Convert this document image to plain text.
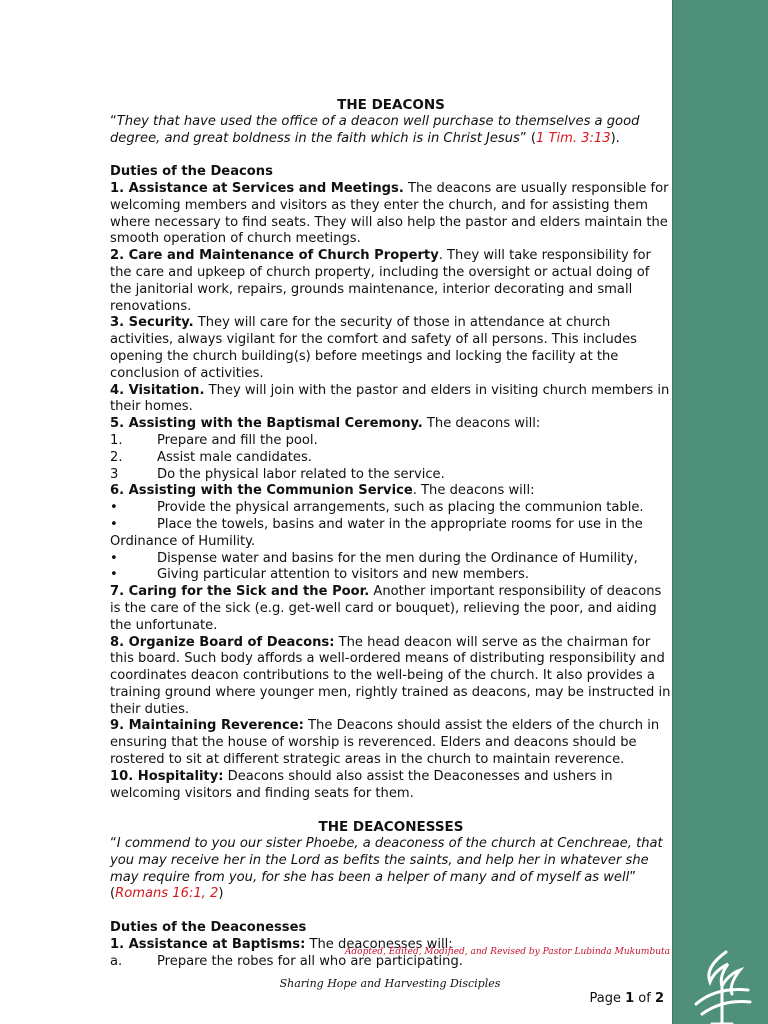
THE DEACONS

“They that have used the office of a deacon well purchase to themselves a good degree, and great boldness in the faith which is in Christ Jesus” (1 Tim. 3:13).

Duties of the Deacons

1. Assistance at Services and Meetings. The deacons are usually responsible for welcoming members and visitors as they enter the church, and for assisting them where necessary to find seats. They will also help the pastor and elders maintain the smooth operation of church meetings.

2. Care and Maintenance of Church Property. They will take responsibility for the care and upkeep of church property, including the oversight or actual doing of the janitorial work, repairs, grounds maintenance, interior decorating and small renovations.

3. Security. They will care for the security of those in attendance at church activities, always vigilant for the comfort and safety of all persons. This includes opening the church building(s) before meetings and locking the facility at the conclusion of activities.

4. Visitation. They will join with the pastor and elders in visiting church members in their homes.

5. Assisting with the Baptismal Ceremony. The deacons will:

1.	Prepare and fill the pool.
2.	Assist male candidates.
3	Do the physical labor related to the service.

6. Assisting with the Communion Service. The deacons will:

•	Provide the physical arrangements, such as placing the communion table.
•	Place the towels, basins and water in the appropriate rooms for use in the

Ordinance of Humility.

•	Dispense water and basins for the men during the Ordinance of Humility,
•	Giving particular attention to visitors and new members.

7. Caring for the Sick and the Poor. Another important responsibility of deacons is the care of the sick (e.g. get-well card or bouquet), relieving the poor, and aiding the unfortunate.

8. Organize Board of Deacons: The head deacon will serve as the chairman for this board. Such body affords a well-ordered means of distributing responsibility and coordinates deacon contributions to the well-being of the church. It also provides a training ground where younger men, rightly trained as deacons, may be instructed in their duties.

9. Maintaining Reverence: The Deacons should assist the elders of the church in ensuring that the house of worship is reverenced. Elders and deacons should be rostered to sit at different strategic areas in the church to maintain reverence.

10. Hospitality: Deacons should also assist the Deaconesses and ushers in welcoming visitors and finding seats for them.

THE DEACONESSES

“I commend to you our sister Phoebe, a deaconess of the church at Cenchreae, that you may receive her in the Lord as befits the saints, and help her in whatever she may require from you, for she has been a helper of many and of myself as well” (Romans 16:1, 2)

Duties of the Deaconesses

1. Assistance at Baptisms: The deaconesses will:

a.	Prepare the robes for all who are participating.
Adopted, Edited, Modified, and Revised by Pastor Lubinda Mukumbuta
Sharing Hope and Harvesting Disciples
Page 1 of 2
